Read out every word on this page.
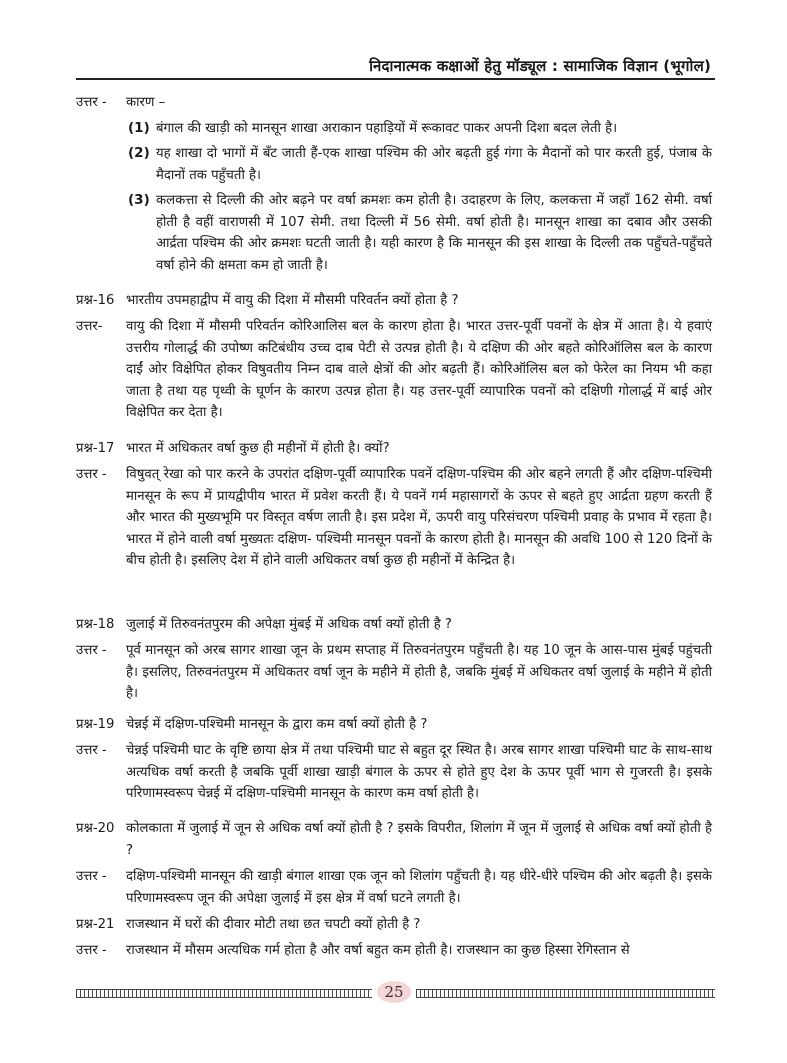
निदानात्मक कक्षाओं हेतु मॉड्यूल : सामाजिक विज्ञान (भूगोल)
उत्तर - कारण –
(1) बंगाल की खाड़ी को मानसून शाखा अराकान पहाड़ियों में रूकावट पाकर अपनी दिशा बदल लेती है।
(2) यह शाखा दो भागों में बँट जाती हैं-एक शाखा पश्चिम की ओर बढ़ती हुई गंगा के मैदानों को पार करती हुई, पंजाब के मैदानों तक पहुँचती है।
(3) कलकत्ता से दिल्ली की ओर बढ़ने पर वर्षा क्रमशः कम होती है। उदाहरण के लिए, कलकत्ता में जहाँ 162 सेमी. वर्षा होती है वहीं वाराणसी में 107 सेमी. तथा दिल्ली में 56 सेमी. वर्षा होती है। मानसून शाखा का दबाव और उसकी आर्द्रता पश्चिम की ओर क्रमशः घटती जाती है। यही कारण है कि मानसून की इस शाखा के दिल्ली तक पहुँचते-पहुँचते वर्षा होने की क्षमता कम हो जाती है।
प्रश्न-16 भारतीय उपमहाद्वीप में वायु की दिशा में मौसमी परिवर्तन क्यों होता है ?
उत्तर- वायु की दिशा में मौसमी परिवर्तन कोरिआलिस बल के कारण होता है। भारत उत्तर-पूर्वी पवनों के क्षेत्र में आता है। ये हवाएं उत्तरीय गोलार्द्ध की उपोष्ण कटिबंधीय उच्च दाब पेटी से उत्पन्न होती है। ये दक्षिण की ओर बहते कोरिऑलिस बल के कारण दाईं ओर विक्षेपित होकर विषुवतीय निम्न दाब वाले क्षेत्रों की ओर बढ़ती हैं। कोरिऑलिस बल को फेरेल का नियम भी कहा जाता है तथा यह पृथ्वी के घूर्णन के कारण उत्पन्न होता है। यह उत्तर-पूर्वी व्यापारिक पवनों को दक्षिणी गोलार्द्ध में बाई ओर विक्षेपित कर देता है।
प्रश्न-17 भारत में अधिकतर वर्षा कुछ ही महीनों में होती है। क्यों?
उत्तर - विषुवत् रेखा को पार करने के उपरांत दक्षिण-पूर्वी व्यापारिक पवनें दक्षिण-पश्चिम की ओर बहने लगती हैं और दक्षिण-पश्चिमी मानसून के रूप में प्रायद्वीपीय भारत में प्रवेश करती हैं। ये पवनें गर्म महासागरों के ऊपर से बहते हुए आर्द्रता ग्रहण करती हैं और भारत की मुख्यभूमि पर विस्तृत वर्षण लाती है। इस प्रदेश में, ऊपरी वायु परिसंचरण पश्चिमी प्रवाह के प्रभाव में रहता है। भारत में होने वाली वर्षा मुख्यतः दक्षिण- पश्चिमी मानसून पवनों के कारण होती है। मानसून की अवधि 100 से 120 दिनों के बीच होती है। इसलिए देश में होने वाली अधिकतर वर्षा कुछ ही महीनों में केन्द्रित है।
प्रश्न-18 जुलाई में तिरुवनंतपुरम की अपेक्षा मुंबई में अधिक वर्षा क्यों होती है ?
उत्तर - पूर्व मानसून को अरब सागर शाखा जून के प्रथम सप्ताह में तिरुवनंतपुरम पहुँचती है। यह 10 जून के आस-पास मुंबई पहुंचती है। इसलिए, तिरुवनंतपुरम में अधिकतर वर्षा जून के महीने में होती है, जबकि मुंबई में अधिकतर वर्षा जुलाई के महीने में होती है।
प्रश्न-19 चेन्नई में दक्षिण-पश्चिमी मानसून के द्वारा कम वर्षा क्यों होती है ?
उत्तर - चेन्नई पश्चिमी घाट के वृष्टि छाया क्षेत्र में तथा पश्चिमी घाट से बहुत दूर स्थित है। अरब सागर शाखा पश्चिमी घाट के साथ-साथ अत्यधिक वर्षा करती है जबकि पूर्वी शाखा खाड़ी बंगाल के ऊपर से होते हुए देश के ऊपर पूर्वी भाग से गुजरती है। इसके परिणामस्वरूप चेन्नई में दक्षिण-पश्चिमी मानसून के कारण कम वर्षा होती है।
प्रश्न-20 कोलकाता में जुलाई में जून से अधिक वर्षा क्यों होती है ? इसके विपरीत, शिलांग में जून में जुलाई से अधिक वर्षा क्यों होती है ?
उत्तर - दक्षिण-पश्चिमी मानसून की खाड़ी बंगाल शाखा एक जून को शिलांग पहुँचती है। यह धीरे-धीरे पश्चिम की ओर बढ़ती है। इसके परिणामस्वरूप जून की अपेक्षा जुलाई में इस क्षेत्र में वर्षा घटने लगती है।
प्रश्न-21 राजस्थान में घरों की दीवार मोटी तथा छत चपटी क्यों होती है ?
उत्तर - राजस्थान में मौसम अत्यधिक गर्म होता है और वर्षा बहुत कम होती है। राजस्थान का कुछ हिस्सा रेगिस्तान से
25
